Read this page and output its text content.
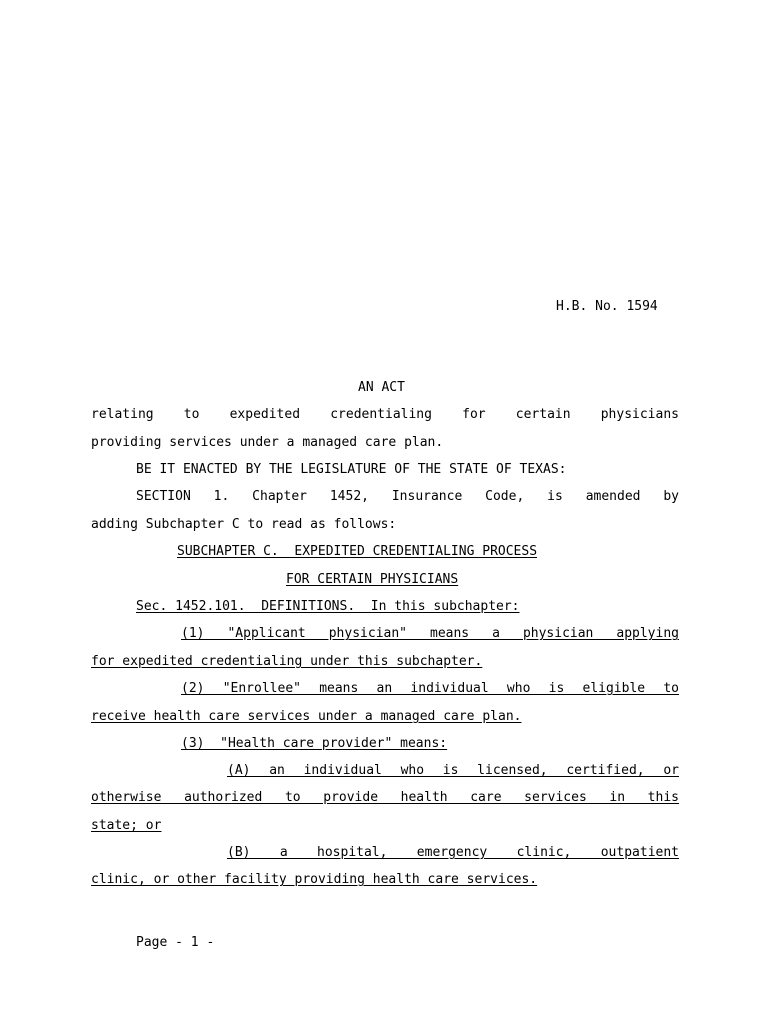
H.B. No. 1594
AN ACT
relating to expedited credentialing for certain physicians
providing services under a managed care plan.
BE IT ENACTED BY THE LEGISLATURE OF THE STATE OF TEXAS:
SECTION 1. Chapter 1452, Insurance Code, is amended by
adding Subchapter C to read as follows:
SUBCHAPTER C.  EXPEDITED CREDENTIALING PROCESS
FOR CERTAIN PHYSICIANS
Sec. 1452.101.  DEFINITIONS.  In this subchapter:
(1) "Applicant physician" means a physician applying
for expedited credentialing under this subchapter.
(2) "Enrollee" means an individual who is eligible to
receive health care services under a managed care plan.
(3)  "Health care provider" means:
(A) an individual who is licensed, certified, or
otherwise authorized to provide health care services in this
state; or
(B) a hospital, emergency clinic, outpatient
clinic, or other facility providing health care services.
Page - 1 -
